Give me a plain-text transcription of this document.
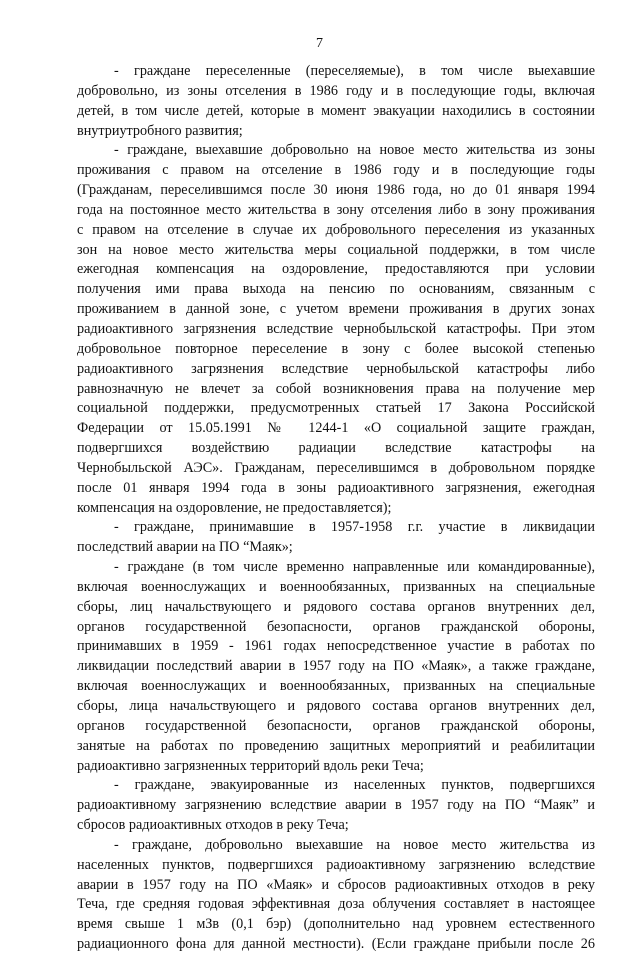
7
- граждане переселенные (переселяемые), в том числе выехавшие
добровольно, из зоны отселения в 1986 году и в последующие годы, включая
детей, в том числе детей, которые в момент эвакуации находились в состоянии
внутриутробного развития;
- граждане, выехавшие добровольно на новое место жительства из зоны
проживания с правом на отселение в 1986 году и в последующие годы
(Гражданам, переселившимся после 30 июня 1986 года, но до 01 января 1994
года на постоянное место жительства в зону отселения либо в зону проживания
с правом на отселение в случае их добровольного переселения из указанных
зон на новое место жительства меры социальной поддержки, в том числе
ежегодная компенсация на оздоровление, предоставляются при условии
получения ими права выхода на пенсию по основаниям, связанным с
проживанием в данной зоне, с учетом времени проживания в других зонах
радиоактивного загрязнения вследствие чернобыльской катастрофы. При этом
добровольное повторное переселение в зону с более высокой степенью
радиоактивного загрязнения вследствие чернобыльской катастрофы либо
равнозначную не влечет за собой возникновения права на получение мер
социальной поддержки, предусмотренных статьей 17 Закона Российской
Федерации от 15.05.1991 № 1244-1 «О социальной защите граждан,
подвергшихся воздействию радиации вследствие катастрофы на
Чернобыльской АЭС». Гражданам, переселившимся в добровольном порядке
после 01 января 1994 года в зоны радиоактивного загрязнения, ежегодная
компенсация на оздоровление, не предоставляется);
- граждане, принимавшие в 1957-1958 г.г. участие в ликвидации
последствий аварии на ПО “Маяк»;
- граждане (в том числе временно направленные или командированные),
включая военнослужащих и военнообязанных, призванных на специальные
сборы, лиц начальствующего и рядового состава органов внутренних дел,
органов государственной безопасности, органов гражданской обороны,
принимавших в 1959 - 1961 годах непосредственное участие в работах по
ликвидации последствий аварии в 1957 году на ПО «Маяк», а также граждане,
включая военнослужащих и военнообязанных, призванных на специальные
сборы, лица начальствующего и рядового состава органов внутренних дел,
органов государственной безопасности, органов гражданской обороны,
занятые на работах по проведению защитных мероприятий и реабилитации
радиоактивно загрязненных территорий вдоль реки Теча;
- граждане, эвакуированные из населенных пунктов, подвергшихся
радиоактивному загрязнению вследствие аварии в 1957 году на ПО “Маяк” и
сбросов радиоактивных отходов в реку Теча;
- граждане, добровольно выехавшие на новое место жительства из
населенных пунктов, подвергшихся радиоактивному загрязнению вследствие
аварии в 1957 году на ПО «Маяк» и сбросов радиоактивных отходов в реку
Теча, где средняя годовая эффективная доза облучения составляет в настоящее
время свыше 1 мЗв (0,1 бэр) (дополнительно над уровнем естественного
радиационного фона для данной местности). (Если граждане прибыли после 26
